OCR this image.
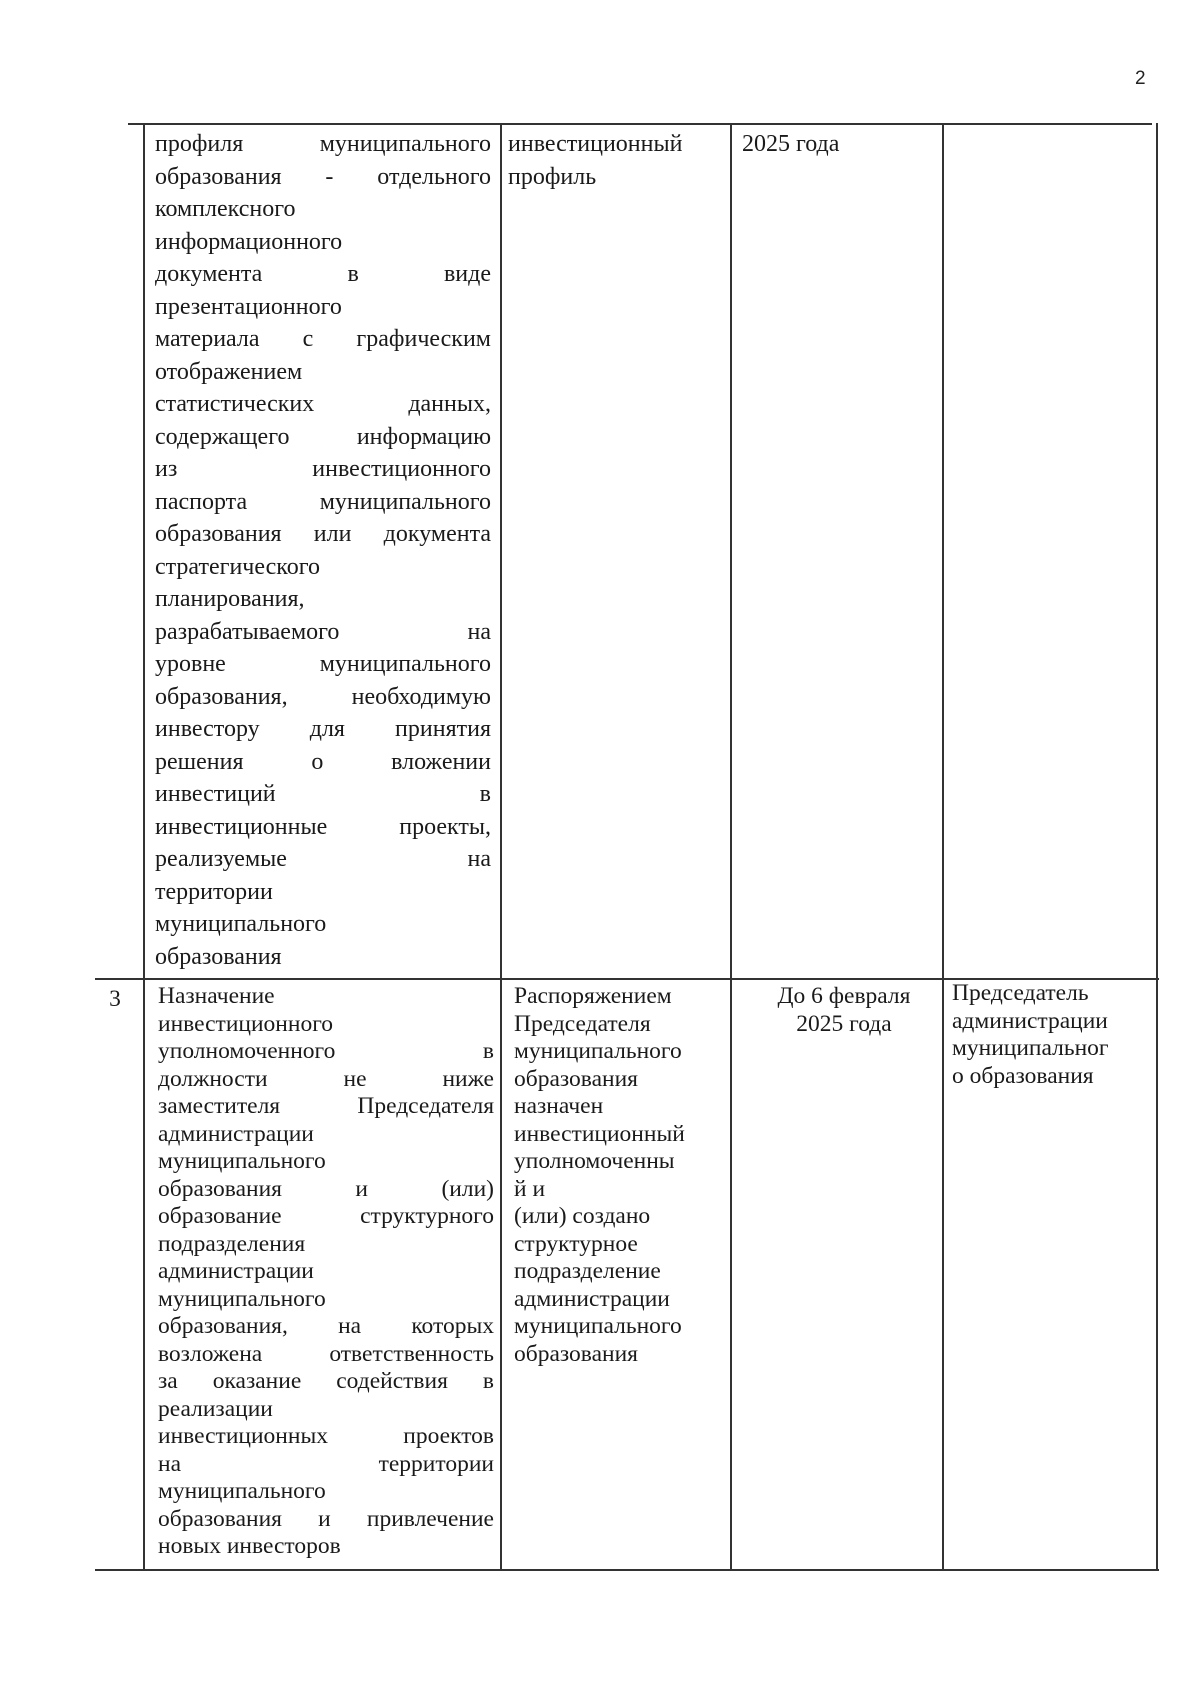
2
профиля муниципального
образования - отдельного
комплексного
информационного
документа в виде
презентационного
материала с графическим
отображением
статистических данных,
содержащего информацию
из инвестиционного
паспорта муниципального
образования или документа
стратегического
планирования,
разрабатываемого на
уровне муниципального
образования, необходимую
инвестору для принятия
решения о вложении
инвестиций в
инвестиционные проекты,
реализуемые на
территории
муниципального
образования
инвестиционный
профиль
2025 года
3	Назначение
инвестиционного
уполномоченного в
должности не ниже
заместителя Председателя
администрации
муниципального
образования и (или)
образование структурного
подразделения
администрации
муниципального
образования, на которых
возложена ответственность
за оказание содействия в
реализации
инвестиционных проектов
на территории
муниципального
образования и привлечение
новых инвесторов
Распоряжением
Председателя
муниципального
образования
назначен
инвестиционный
уполномоченны
й и
(или) создано
структурное
подразделение
администрации
муниципального
образования
До 6 февраля
2025 года
Председатель
администрации
муниципальног
о образования
